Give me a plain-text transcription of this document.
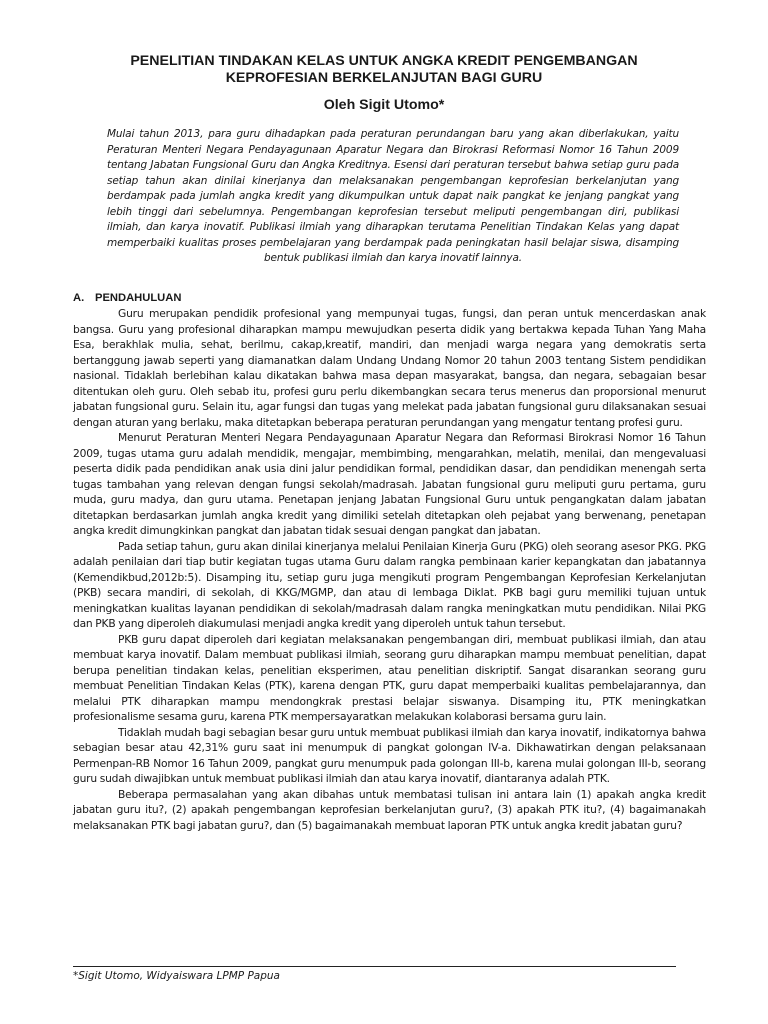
PENELITIAN TINDAKAN KELAS UNTUK ANGKA KREDIT PENGEMBANGAN
KEPROFESIAN BERKELANJUTAN BAGI GURU

Oleh Sigit Utomo*

Mulai tahun 2013, para guru dihadapkan pada peraturan perundangan baru yang akan diberlakukan, yaitu Peraturan Menteri Negara Pendayagunaan Aparatur Negara dan Birokrasi Reformasi Nomor 16 Tahun 2009 tentang Jabatan Fungsional Guru dan Angka Kreditnya. Esensi dari peraturan tersebut bahwa setiap guru pada setiap tahun akan dinilai kinerjanya dan melaksanakan pengembangan keprofesian berkelanjutan yang berdampak pada jumlah angka kredit yang dikumpulkan untuk dapat naik pangkat ke jenjang pangkat yang lebih tinggi dari sebelumnya. Pengembangan keprofesian tersebut meliputi pengembangan diri, publikasi ilmiah, dan karya inovatif. Publikasi ilmiah yang diharapkan terutama Penelitian Tindakan Kelas yang dapat memperbaiki kualitas proses pembelajaran yang berdampak pada peningkatan hasil belajar siswa, disamping bentuk publikasi ilmiah dan karya inovatif lainnya.

A. PENDAHULUAN

Guru merupakan pendidik profesional yang mempunyai tugas, fungsi, dan peran untuk mencerdaskan anak bangsa. Guru yang profesional diharapkan mampu mewujudkan peserta didik yang bertakwa kepada Tuhan Yang Maha Esa, berakhlak mulia, sehat, berilmu, cakap,kreatif, mandiri, dan menjadi warga negara yang demokratis serta bertanggung jawab seperti yang diamanatkan dalam Undang Undang Nomor 20 tahun 2003 tentang Sistem pendidikan nasional. Tidaklah berlebihan kalau dikatakan bahwa masa depan masyarakat, bangsa, dan negara, sebagaian besar ditentukan oleh guru. Oleh sebab itu, profesi guru perlu dikembangkan secara terus menerus dan proporsional menurut jabatan fungsional guru. Selain itu, agar fungsi dan tugas yang melekat pada jabatan fungsional guru dilaksanakan sesuai dengan aturan yang berlaku, maka ditetapkan beberapa peraturan perundangan yang mengatur tentang profesi guru.

Menurut Peraturan Menteri Negara Pendayagunaan Aparatur Negara dan Reformasi Birokrasi Nomor 16 Tahun 2009, tugas utama guru adalah mendidik, mengajar, membimbing, mengarahkan, melatih, menilai, dan mengevaluasi peserta didik pada pendidikan anak usia dini jalur pendidikan formal, pendidikan dasar, dan pendidikan menengah serta tugas tambahan yang relevan dengan fungsi sekolah/madrasah. Jabatan fungsional guru meliputi guru pertama, guru muda, guru madya, dan guru utama. Penetapan jenjang Jabatan Fungsional Guru untuk pengangkatan dalam jabatan ditetapkan berdasarkan jumlah angka kredit yang dimiliki setelah ditetapkan oleh pejabat yang berwenang, penetapan angka kredit dimungkinkan pangkat dan jabatan tidak sesuai dengan pangkat dan jabatan.

Pada setiap tahun, guru akan dinilai kinerjanya melalui Penilaian Kinerja Guru (PKG) oleh seorang asesor PKG. PKG adalah penilaian dari tiap butir kegiatan tugas utama Guru dalam rangka pembinaan karier kepangkatan dan jabatannya (Kemendikbud,2012b:5). Disamping itu, setiap guru juga mengikuti program Pengembangan Keprofesian Kerkelanjutan (PKB) secara mandiri, di sekolah, di KKG/MGMP, dan atau di lembaga Diklat. PKB bagi guru memiliki tujuan untuk meningkatkan kualitas layanan pendidikan di sekolah/madrasah dalam rangka meningkatkan mutu pendidikan. Nilai PKG dan PKB yang diperoleh diakumulasi menjadi angka kredit yang diperoleh untuk tahun tersebut.

PKB guru dapat diperoleh dari kegiatan melaksanakan pengembangan diri, membuat publikasi ilmiah, dan atau membuat karya inovatif. Dalam membuat publikasi ilmiah, seorang guru diharapkan mampu membuat penelitian, dapat berupa penelitian tindakan kelas, penelitian eksperimen, atau penelitian diskriptif. Sangat disarankan seorang guru membuat Penelitian Tindakan Kelas (PTK), karena dengan PTK, guru dapat memperbaiki kualitas pembelajarannya, dan melalui PTK diharapkan mampu mendongkrak prestasi belajar siswanya. Disamping itu, PTK meningkatkan profesionalisme sesama guru, karena PTK mempersayaratkan melakukan kolaborasi bersama guru lain.

Tidaklah mudah bagi sebagian besar guru untuk membuat publikasi ilmiah dan karya inovatif, indikatornya bahwa sebagian besar atau 42,31% guru saat ini menumpuk di pangkat golongan IV-a. Dikhawatirkan dengan pelaksanaan Permenpan-RB Nomor 16 Tahun 2009, pangkat guru menumpuk pada golongan III-b, karena mulai golongan III-b, seorang guru sudah diwajibkan untuk membuat publikasi ilmiah dan atau karya inovatif, diantaranya adalah PTK.

Beberapa permasalahan yang akan dibahas untuk membatasi tulisan ini antara lain (1) apakah angka kredit jabatan guru itu?, (2) apakah pengembangan keprofesian berkelanjutan guru?, (3) apakah PTK itu?, (4) bagaimanakah melaksanakan PTK bagi jabatan guru?, dan (5) bagaimanakah membuat laporan PTK untuk angka kredit jabatan guru?

*Sigit Utomo, Widyaiswara LPMP Papua
